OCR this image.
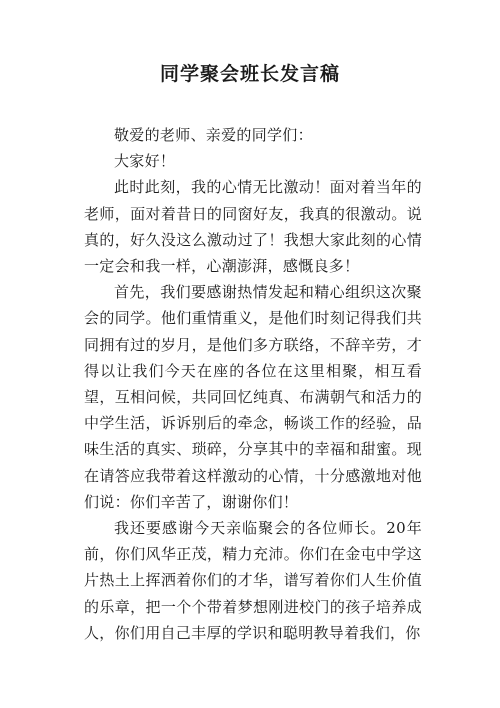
同学聚会班长发言稿

敬爱的老师、亲爱的同学们：

大家好！

此时此刻，我的心情无比激动！面对着当年的老师，面对着昔日的同窗好友，我真的很激动。说真的，好久没这么激动过了！我想大家此刻的心情一定会和我一样，心潮澎湃，感慨良多！

首先，我们要感谢热情发起和精心组织这次聚会的同学。他们重情重义，是他们时刻记得我们共同拥有过的岁月，是他们多方联络，不辞辛劳，才得以让我们今天在座的各位在这里相聚，相互看望，互相问候，共同回忆纯真、布满朝气和活力的中学生活，诉诉别后的牵念，畅谈工作的经验，品味生活的真实、琐碎，分享其中的幸福和甜蜜。现在请答应我带着这样激动的心情，十分感激地对他们说：你们辛苦了，谢谢你们！

我还要感谢今天亲临聚会的各位师长。20年前，你们风华正茂，精力充沛。你们在金屯中学这片热土上挥洒着你们的才华，谱写着你们人生价值的乐章，把一个个带着梦想刚进校门的孩子培养成人，你们用自己丰厚的学识和聪明教导着我们，你
